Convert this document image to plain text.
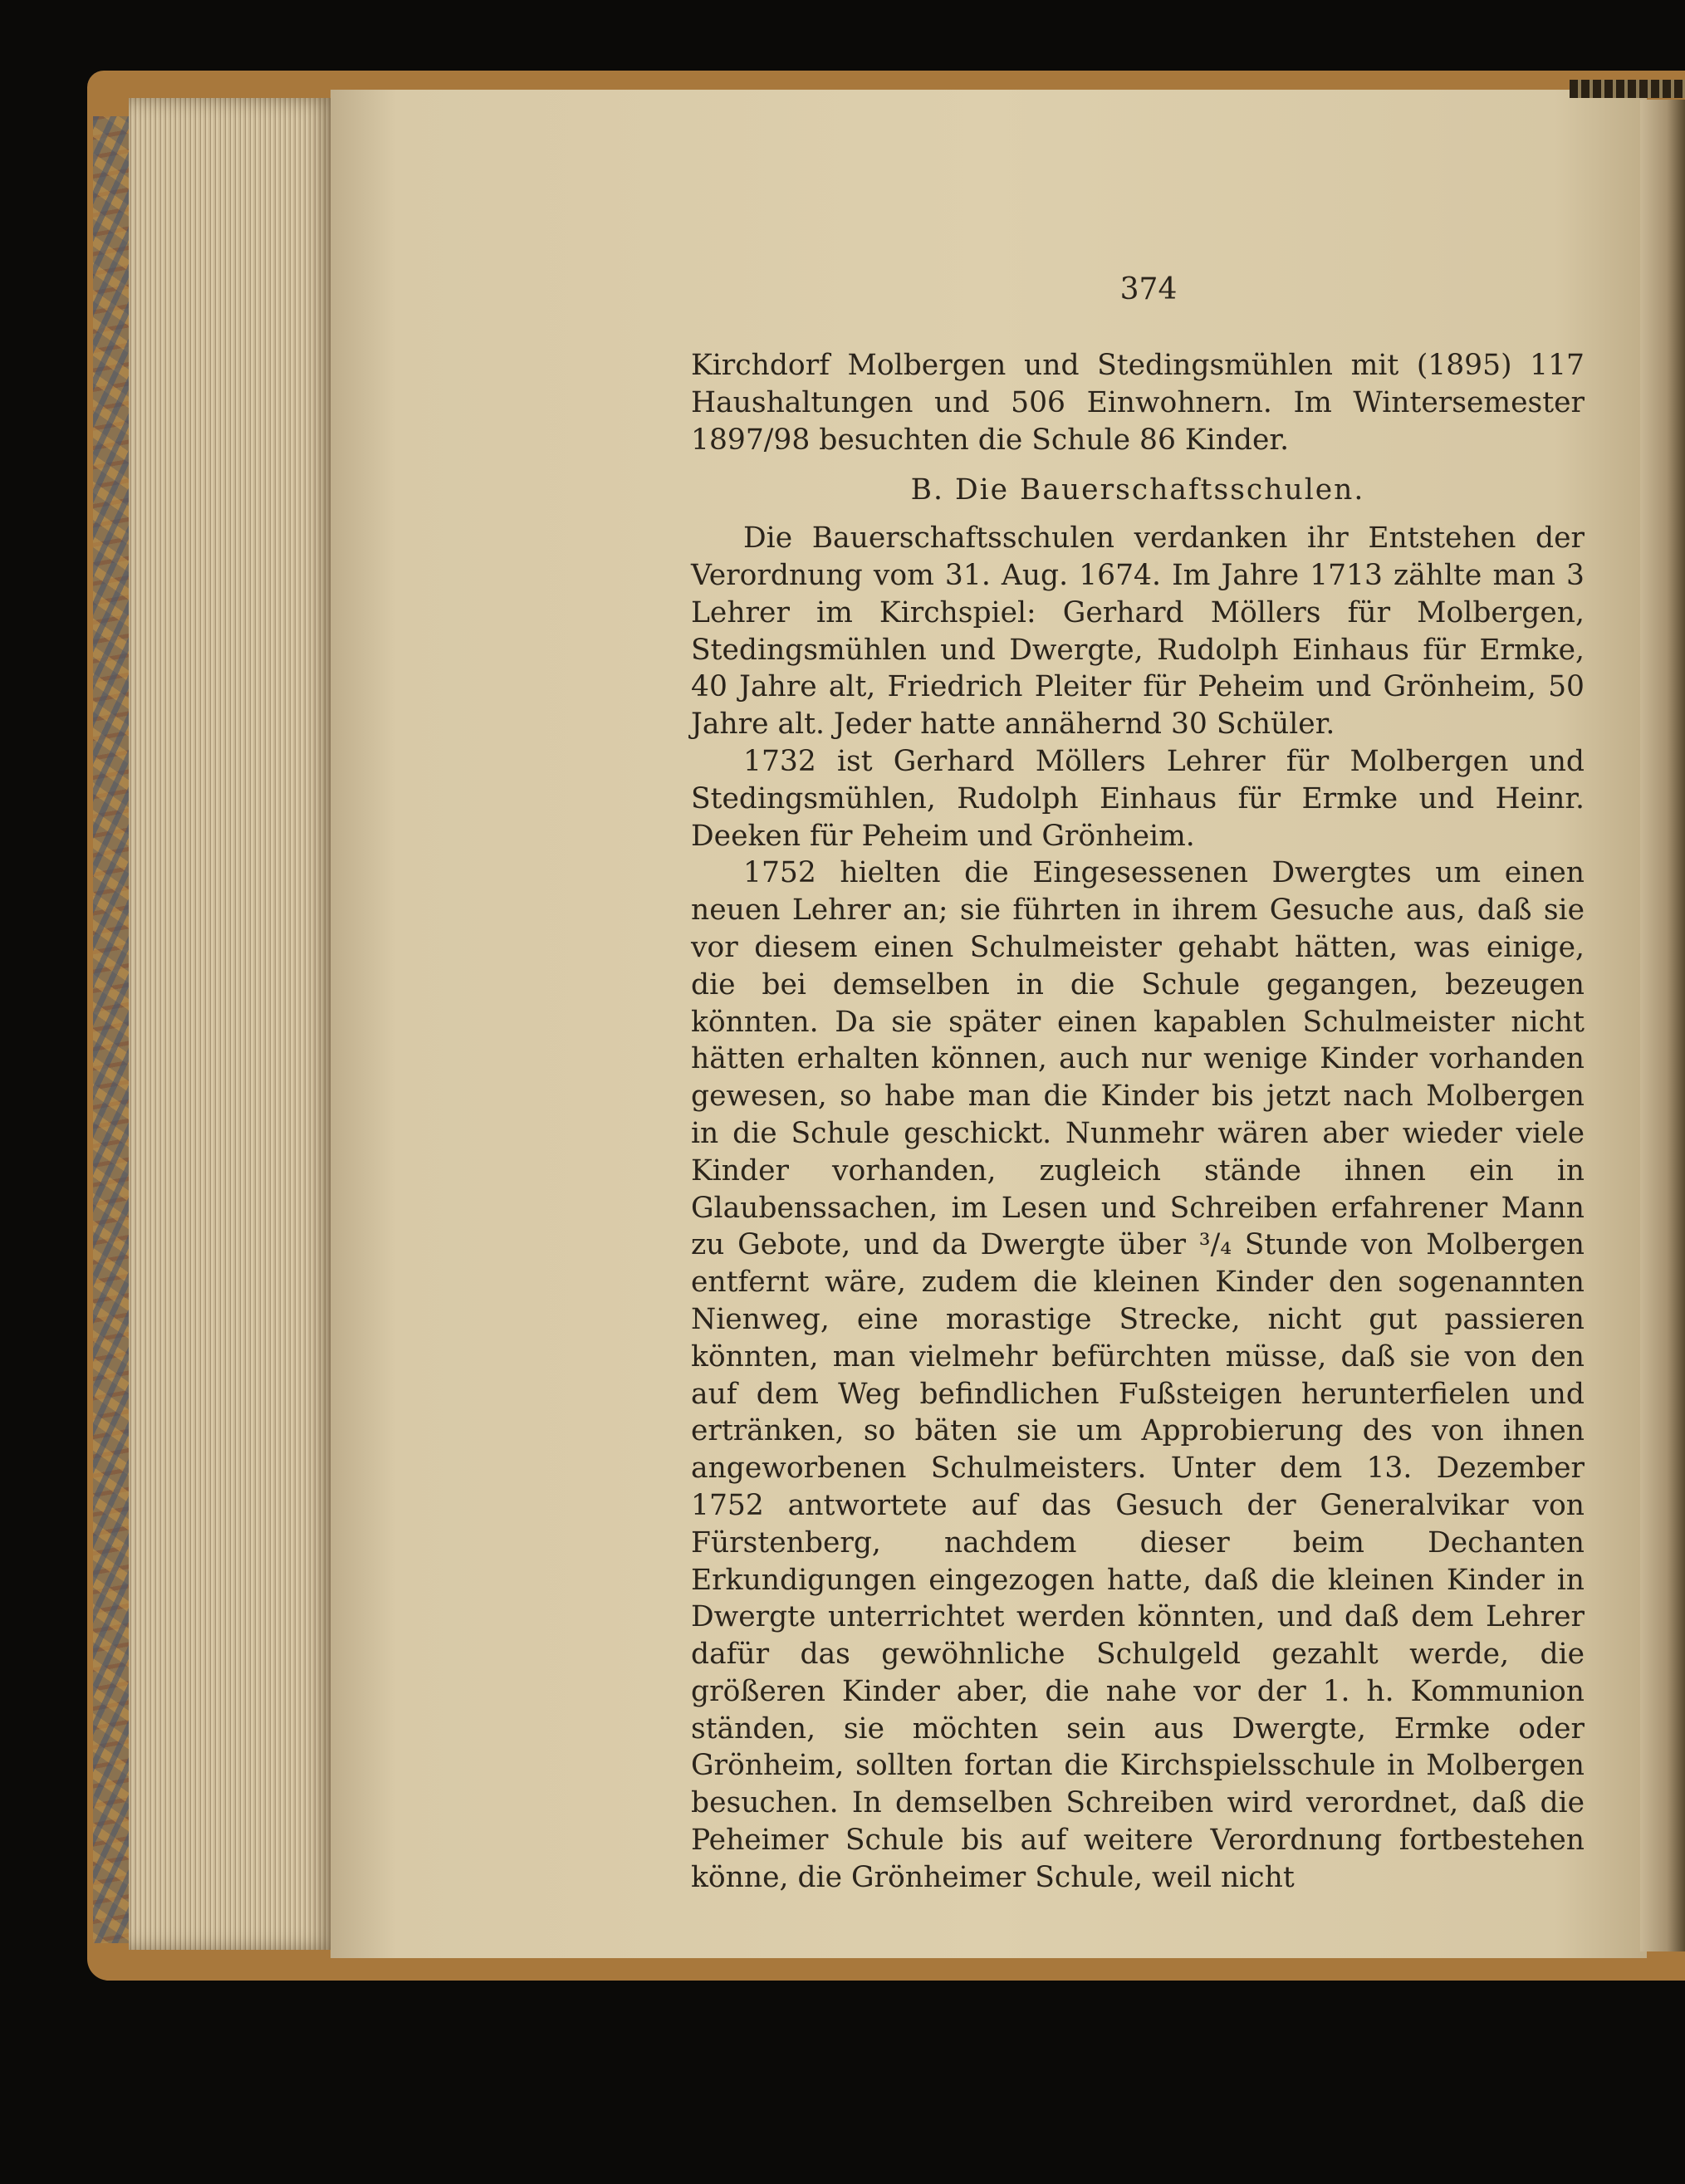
374

Kirchdorf Molbergen und Stedingsmühlen mit (1895) 117 Haushaltungen und 506 Einwohnern. Im Wintersemester 1897/98 besuchten die Schule 86 Kinder.

B. Die Bauerschaftsschulen.

Die Bauerschaftsschulen verdanken ihr Entstehen der Verordnung vom 31. Aug. 1674. Im Jahre 1713 zählte man 3 Lehrer im Kirchspiel: Gerhard Möllers für Molbergen, Stedingsmühlen und Dwergte, Rudolph Einhaus für Ermke, 40 Jahre alt, Friedrich Pleiter für Peheim und Grönheim, 50 Jahre alt. Jeder hatte annähernd 30 Schüler.

1732 ist Gerhard Möllers Lehrer für Molbergen und Stedingsmühlen, Rudolph Einhaus für Ermke und Heinr. Deeken für Peheim und Grönheim.

1752 hielten die Eingesessenen Dwergtes um einen neuen Lehrer an; sie führten in ihrem Gesuche aus, daß sie vor diesem einen Schulmeister gehabt hätten, was einige, die bei demselben in die Schule gegangen, bezeugen könnten. Da sie später einen kapablen Schulmeister nicht hätten erhalten können, auch nur wenige Kinder vorhanden gewesen, so habe man die Kinder bis jetzt nach Molbergen in die Schule geschickt. Nunmehr wären aber wieder viele Kinder vorhanden, zugleich stände ihnen ein in Glaubenssachen, im Lesen und Schreiben erfahrener Mann zu Gebote, und da Dwergte über ³/₄ Stunde von Molbergen entfernt wäre, zudem die kleinen Kinder den sogenannten Nienweg, eine morastige Strecke, nicht gut passieren könnten, man vielmehr befürchten müsse, daß sie von den auf dem Weg befindlichen Fußsteigen herunterfielen und ertränken, so bäten sie um Approbierung des von ihnen angeworbenen Schulmeisters. Unter dem 13. Dezember 1752 antwortete auf das Gesuch der Generalvikar von Fürstenberg, nachdem dieser beim Dechanten Erkundigungen eingezogen hatte, daß die kleinen Kinder in Dwergte unterrichtet werden könnten, und daß dem Lehrer dafür das gewöhnliche Schulgeld gezahlt werde, die größeren Kinder aber, die nahe vor der 1. h. Kommunion ständen, sie möchten sein aus Dwergte, Ermke oder Grönheim, sollten fortan die Kirchspielsschule in Molbergen besuchen. In demselben Schreiben wird verordnet, daß die Peheimer Schule bis auf weitere Verordnung fortbestehen könne, die Grönheimer Schule, weil nicht
